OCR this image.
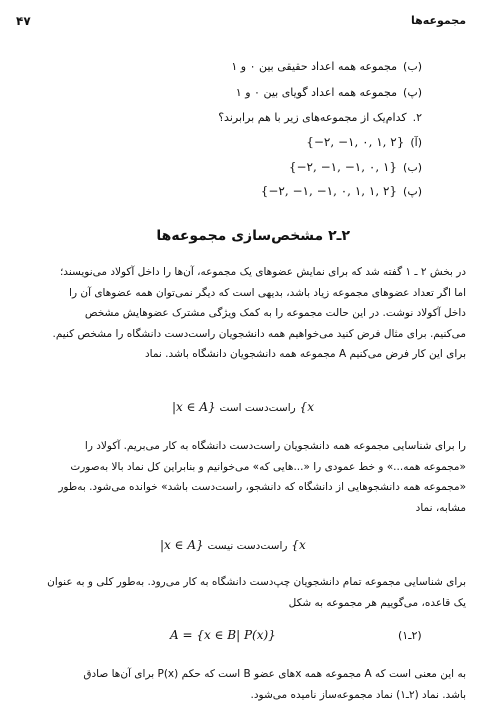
مجموعه‌ها
۴۷
(ب)مجموعه همه اعداد حقیقی بین ۰ و ۱
(پ)مجموعه همه اعداد گویای بین ۰ و ۱
۲.کدام‌یک از مجموعه‌های زیر با هم برابرند؟
(آ){−۲, −۱, ۰, ۱, ۲}
(ب){−۲, −۱, −۱, ۰, ۱}
(پ){−۲, −۱, −۱, ۰, ۱, ۱, ۲}
۲ـ۲ مشخص‌سازی مجموعه‌ها
در بخش ۲ ـ ۱ گفته شد که برای نمایش عضوهای یک مجموعه، آن‌ها را داخل آکولاد می‌نویسند؛
اما اگر تعداد عضوهای مجموعه زیاد باشد، بدیهی است که دیگر نمی‌توان همه عضوهای آن را
داخل آکولاد نوشت. در این حالت مجموعه را به کمک ویژگی مشترک عضوهایش مشخص
می‌کنیم. برای مثال فرض کنید می‌خواهیم همه دانشجویان راست‌دست دانشگاه را مشخص کنیم.
برای این کار فرض می‌کنیم A مجموعه همه دانشجویان دانشگاه باشد. نماد
x} راست‌دست است {x ∈ A|
را برای شناسایی مجموعه همه دانشجویان راست‌دست دانشگاه به کار می‌بریم. آکولاد را
«مجموعه همه...» و خط عمودی را «...هایی که» می‌خوانیم و بنابراین کل نماد بالا به‌صورت
«مجموعه همه دانشجوهایی از دانشگاه که دانشجو، راست‌دست باشد» خوانده می‌شود. به‌طور
مشابه، نماد
x} راست‌دست نیست {x ∈ A|
برای شناسایی مجموعه تمام دانشجویان چپ‌دست دانشگاه به کار می‌رود. به‌طور کلی و به عنوان
یک قاعده، می‌گوییم هر مجموعه به شکل
A = {x ∈ B| P(x)}	(۲ـ۱)
به این معنی است که A مجموعه همه xهای عضو B است که حکم P(x) برای آن‌ها صادق
باشد. نماد (۲ـ۱) نماد مجموعه‌ساز نامیده می‌شود.
